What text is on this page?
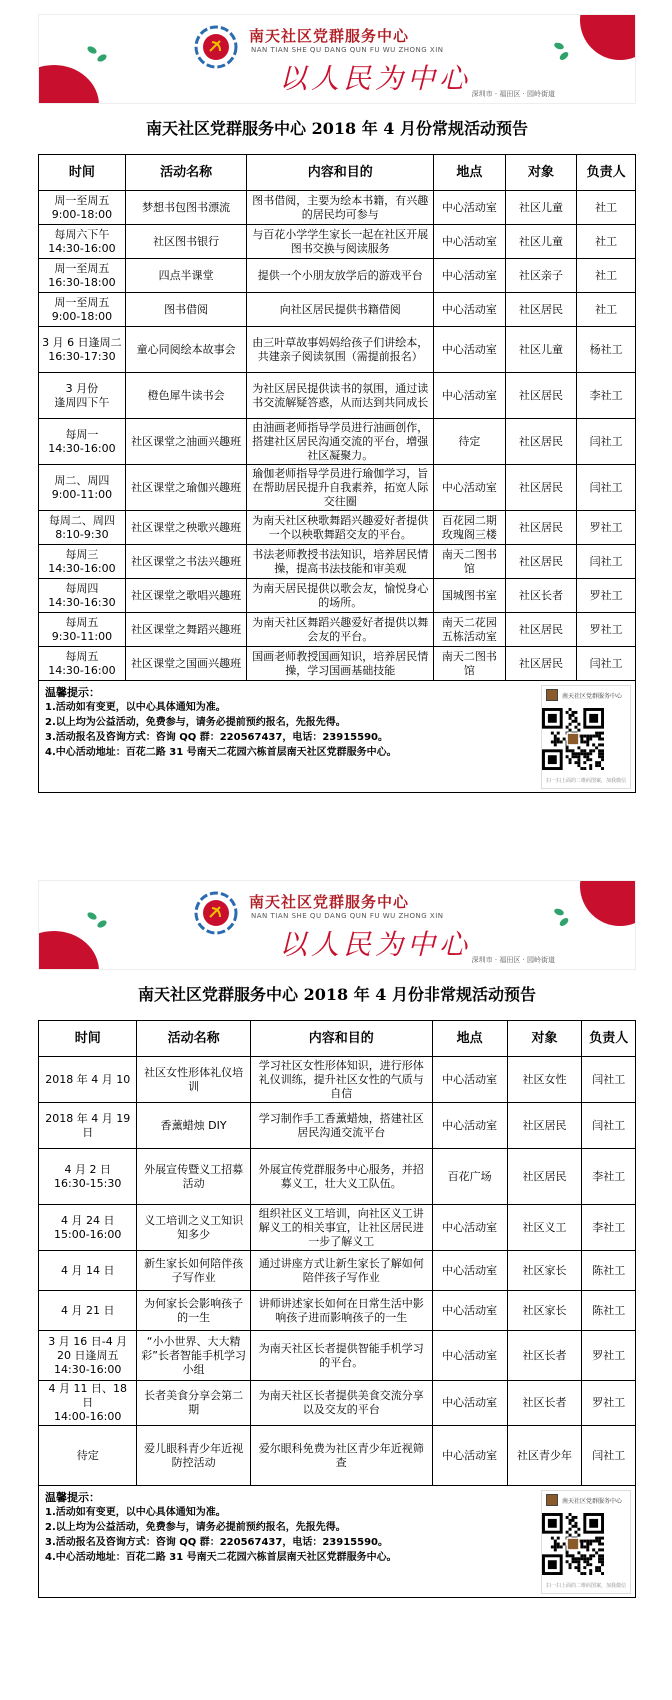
南天社区党群服务中心
NAN TIAN SHE QU DANG QUN FU WU ZHONG XIN
以人民为中心 深圳市 · 福田区 · 园岭街道
南天社区党群服务中心 2018 年 4 月份常规活动预告
时间	活动名称	内容和目的	地点	对象	负责人
周一至周五
9:00-18:00	梦想书包图书漂流	图书借阅，主要为绘本书籍，有兴趣的居民均可参与	中心活动室	社区儿童	社工
每周六下午
14:30-16:00	社区图书银行	与百花小学学生家长一起在社区开展图书交换与阅读服务	中心活动室	社区儿童	社工
周一至周五
16:30-18:00	四点半课堂	提供一个小朋友放学后的游戏平台	中心活动室	社区亲子	社工
周一至周五
9:00-18:00	图书借阅	向社区居民提供书籍借阅	中心活动室	社区居民	社工
3 月 6 日逢周二
16:30-17:30	童心同阅绘本故事会	由三叶草故事妈妈给孩子们讲绘本，共建亲子阅读氛围（需提前报名）	中心活动室	社区儿童	杨社工
3 月份
逢周四下午	橙色犀牛读书会	为社区居民提供读书的氛围，通过读书交流解疑答惑，从而达到共同成长	中心活动室	社区居民	李社工
每周一
14:30-16:00	社区课堂之油画兴趣班	由油画老师指导学员进行油画创作，搭建社区居民沟通交流的平台，增强社区凝聚力。	待定	社区居民	闫社工
周二、周四
9:00-11:00	社区课堂之瑜伽兴趣班	瑜伽老师指导学员进行瑜伽学习，旨在帮助居民提升自我素养，拓宽人际交往圈	中心活动室	社区居民	闫社工
每周二、周四
8:10-9:30	社区课堂之秧歌兴趣班	为南天社区秧歌舞蹈兴趣爱好者提供一个以秧歌舞蹈交友的平台。	百花园二期玫瑰阁三楼	社区居民	罗社工
每周三
14:30-16:00	社区课堂之书法兴趣班	书法老师教授书法知识，培养居民情操，提高书法技能和审美观	南天二图书馆	社区居民	闫社工
每周四
14:30-16:30	社区课堂之歌唱兴趣班	为南天居民提供以歌会友，愉悦身心的场所。	国城图书室	社区长者	罗社工
每周五
9:30-11:00	社区课堂之舞蹈兴趣班	为南天社区舞蹈兴趣爱好者提供以舞会友的平台。	南天二花园五栋活动室	社区居民	罗社工
每周五
14:30-16:00	社区课堂之国画兴趣班	国画老师教授国画知识，培养居民情操，学习国画基础技能	南天二图书馆	社区居民	闫社工
温馨提示：
1.活动如有变更，以中心具体通知为准。
2.以上均为公益活动，免费参与，请务必提前预约报名，先报先得。
3.活动报名及咨询方式：咨询 QQ 群：220567437，电话：23915590。
4.中心活动地址：百花二路 31 号南天二花园六栋首层南天社区党群服务中心。
南天社区党群服务中心
扫一扫上面的二维码图案，加我微信
南天社区党群服务中心
NAN TIAN SHE QU DANG QUN FU WU ZHONG XIN
以人民为中心 深圳市 · 福田区 · 园岭街道
南天社区党群服务中心 2018 年 4 月份非常规活动预告
时间	活动名称	内容和目的	地点	对象	负责人
2018 年 4 月 10	社区女性形体礼仪培训	学习社区女性形体知识，进行形体礼仪训练，提升社区女性的气质与自信	中心活动室	社区女性	闫社工
2018 年 4 月 19 日	香薰蜡烛 DIY	学习制作手工香薰蜡烛，搭建社区居民沟通交流平台	中心活动室	社区居民	闫社工
4 月 2 日
16:30-15:30	外展宣传暨义工招募活动	外展宣传党群服务中心服务，并招募义工，壮大义工队伍。	百花广场	社区居民	李社工
4 月 24 日
15:00-16:00	义工培训之义工知识知多少	组织社区义工培训，向社区义工讲解义工的相关事宜，让社区居民进一步了解义工	中心活动室	社区义工	李社工
4 月 14 日	新生家长如何陪伴孩子写作业	通过讲座方式让新生家长了解如何陪伴孩子写作业	中心活动室	社区家长	陈社工
4 月 21 日	为何家长会影响孩子的一生	讲师讲述家长如何在日常生活中影响孩子进而影响孩子的一生	中心活动室	社区家长	陈社工
3 月 16 日-4 月 20 日逢周五
14:30-16:00	“小小世界、大大精彩”长者智能手机学习小组	为南天社区长者提供智能手机学习的平台。	中心活动室	社区长者	罗社工
4 月 11 日、18 日
14:00-16:00	长者美食分享会第二期	为南天社区长者提供美食交流分享以及交友的平台	中心活动室	社区长者	罗社工
待定	爱儿眼科青少年近视防控活动	爱尔眼科免费为社区青少年近视筛查	中心活动室	社区青少年	闫社工
温馨提示：
1.活动如有变更，以中心具体通知为准。
2.以上均为公益活动，免费参与，请务必提前预约报名，先报先得。
3.活动报名及咨询方式：咨询 QQ 群：220567437，电话：23915590。
4.中心活动地址：百花二路 31 号南天二花园六栋首层南天社区党群服务中心。
南天社区党群服务中心
扫一扫上面的二维码图案，加我微信
